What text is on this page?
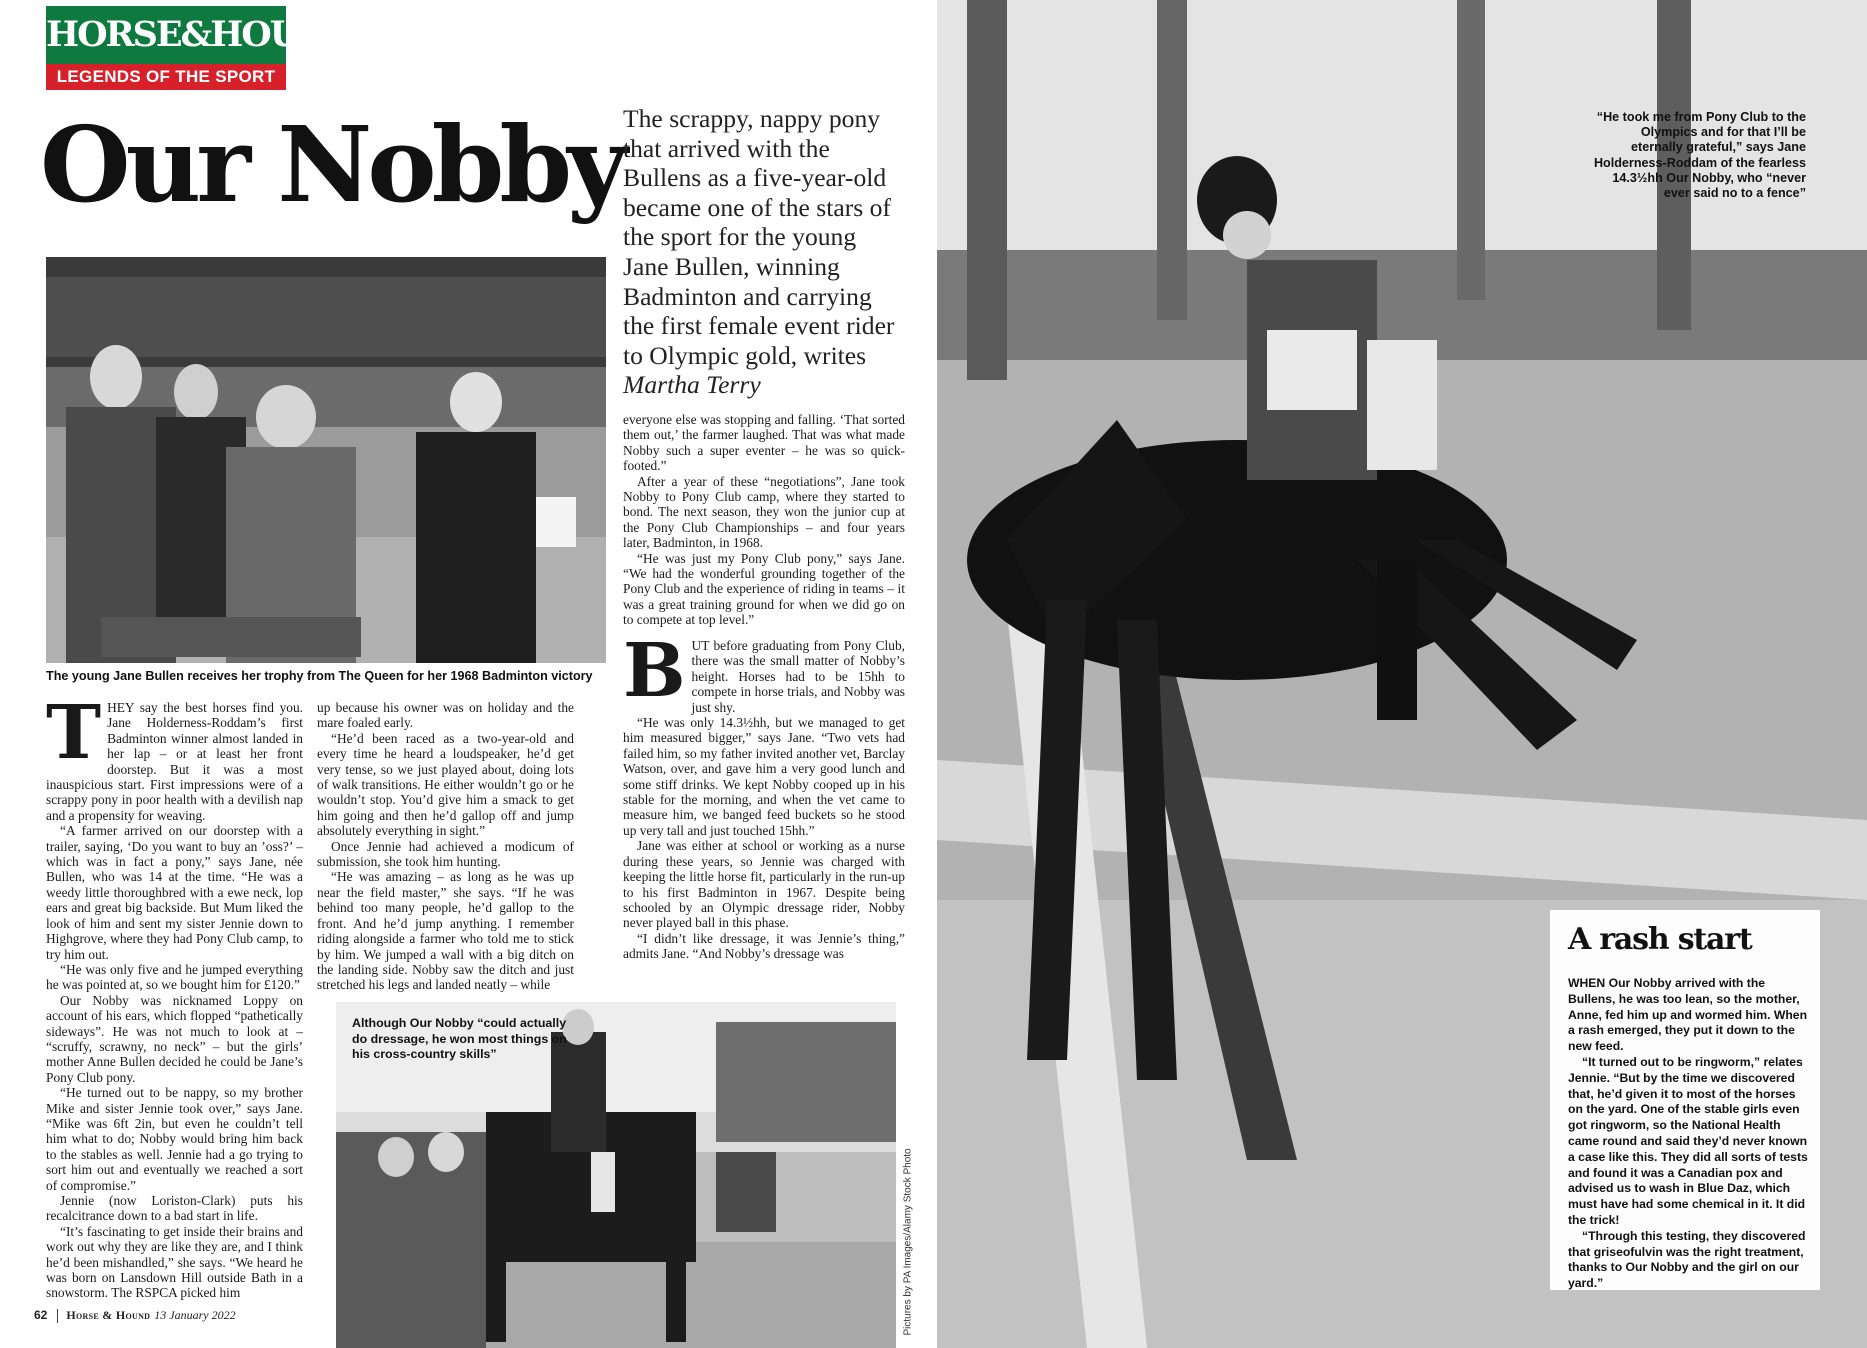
HORSE&HOUND
LEGENDS OF THE SPORT
Our Nobby The scrappy, nappy pony that arrived with the Bullens as a five-year-old became one of the stars of the sport for the young Jane Bullen, winning Badminton and carrying the first female event rider to Olympic gold, writes Martha Terry
The young Jane Bullen receives her trophy from The Queen for her 1968 Badminton victory

THEY say the best horses find you. Jane Holderness-Roddam’s first Badminton winner almost landed in her lap – or at least her front doorstep. But it was a most inauspicious start. First impressions were of a scrappy pony in poor health with a devilish nap and a propensity for weaving.

“A farmer arrived on our doorstep with a trailer, saying, ‘Do you want to buy an ’oss?’ – which was in fact a pony,” says Jane, née Bullen, who was 14 at the time. “He was a weedy little thoroughbred with a ewe neck, lop ears and great big backside. But Mum liked the look of him and sent my sister Jennie down to Highgrove, where they had Pony Club camp, to try him out.

“He was only five and he jumped everything he was pointed at, so we bought him for £120.”

Our Nobby was nicknamed Loppy on account of his ears, which flopped “pathetically sideways”. He was not much to look at – “scruffy, scrawny, no neck” – but the girls’ mother Anne Bullen decided he could be Jane’s Pony Club pony.

“He turned out to be nappy, so my brother Mike and sister Jennie took over,” says Jane. “Mike was 6ft 2in, but even he couldn’t tell him what to do; Nobby would bring him back to the stables as well. Jennie had a go trying to sort him out and eventually we reached a sort of compromise.”

Jennie (now Loriston-Clark) puts his recalcitrance down to a bad start in life.

“It’s fascinating to get inside their brains and work out why they are like they are, and I think he’d been mishandled,” she says. “We heard he was born on Lansdown Hill outside Bath in a snowstorm. The RSPCA picked him

up because his owner was on holiday and the mare foaled early.

“He’d been raced as a two-year-old and every time he heard a loudspeaker, he’d get very tense, so we just played about, doing lots of walk transitions. He either wouldn’t go or he wouldn’t stop. You’d give him a smack to get him going and then he’d gallop off and jump absolutely everything in sight.”

Once Jennie had achieved a modicum of submission, she took him hunting.

“He was amazing – as long as he was up near the field master,” she says. “If he was behind too many people, he’d gallop to the front. And he’d jump anything. I remember riding alongside a farmer who told me to stick by him. We jumped a wall with a big ditch on the landing side. Nobby saw the ditch and just stretched his legs and landed neatly – while

everyone else was stopping and falling. ‘That sorted them out,’ the farmer laughed. That was what made Nobby such a super eventer – he was so quick-footed.”

After a year of these “negotiations”, Jane took Nobby to Pony Club camp, where they started to bond. The next season, they won the junior cup at the Pony Club Championships – and four years later, Badminton, in 1968.

“He was just my Pony Club pony,” says Jane. “We had the wonderful grounding together of the Pony Club and the experience of riding in teams – it was a great training ground for when we did go on to compete at top level.”

BUT before graduating from Pony Club, there was the small matter of Nobby’s height. Horses had to be 15hh to compete in horse trials, and Nobby was just shy.

“He was only 14.3½hh, but we managed to get him measured bigger,” says Jane. “Two vets had failed him, so my father invited another vet, Barclay Watson, over, and gave him a very good lunch and some stiff drinks. We kept Nobby cooped up in his stable for the morning, and when the vet came to measure him, we banged feed buckets so he stood up very tall and just touched 15hh.”

Jane was either at school or working as a nurse during these years, so Jennie was charged with keeping the little horse fit, particularly in the run-up to his first Badminton in 1967. Despite being schooled by an Olympic dressage rider, Nobby never played ball in this phase.

“I didn’t like dressage, it was Jennie’s thing,” admits Jane. “And Nobby’s dressage was

Although Our Nobby “could actually do dressage, he won most things on his cross-country skills”
Pictures by PA Images/Alamy Stock Photo
62 Horse & Hound 13 January 2022
“He took me from Pony Club to the Olympics and for that I’ll be eternally grateful,” says Jane Holderness-Roddam of the fearless 14.3½hh Our Nobby, who “never ever said no to a fence”
A rash start

WHEN Our Nobby arrived with the Bullens, he was too lean, so the mother, Anne, fed him up and wormed him. When a rash emerged, they put it down to the new feed.

“It turned out to be ringworm,” relates Jennie. “But by the time we discovered that, he’d given it to most of the horses on the yard. One of the stable girls even got ringworm, so the National Health came round and said they’d never known a case like this. They did all sorts of tests and found it was a Canadian pox and advised us to wash in Blue Daz, which must have had some chemical in it. It did the trick!

“Through this testing, they discovered that griseofulvin was the right treatment, thanks to Our Nobby and the girl on our yard.”
